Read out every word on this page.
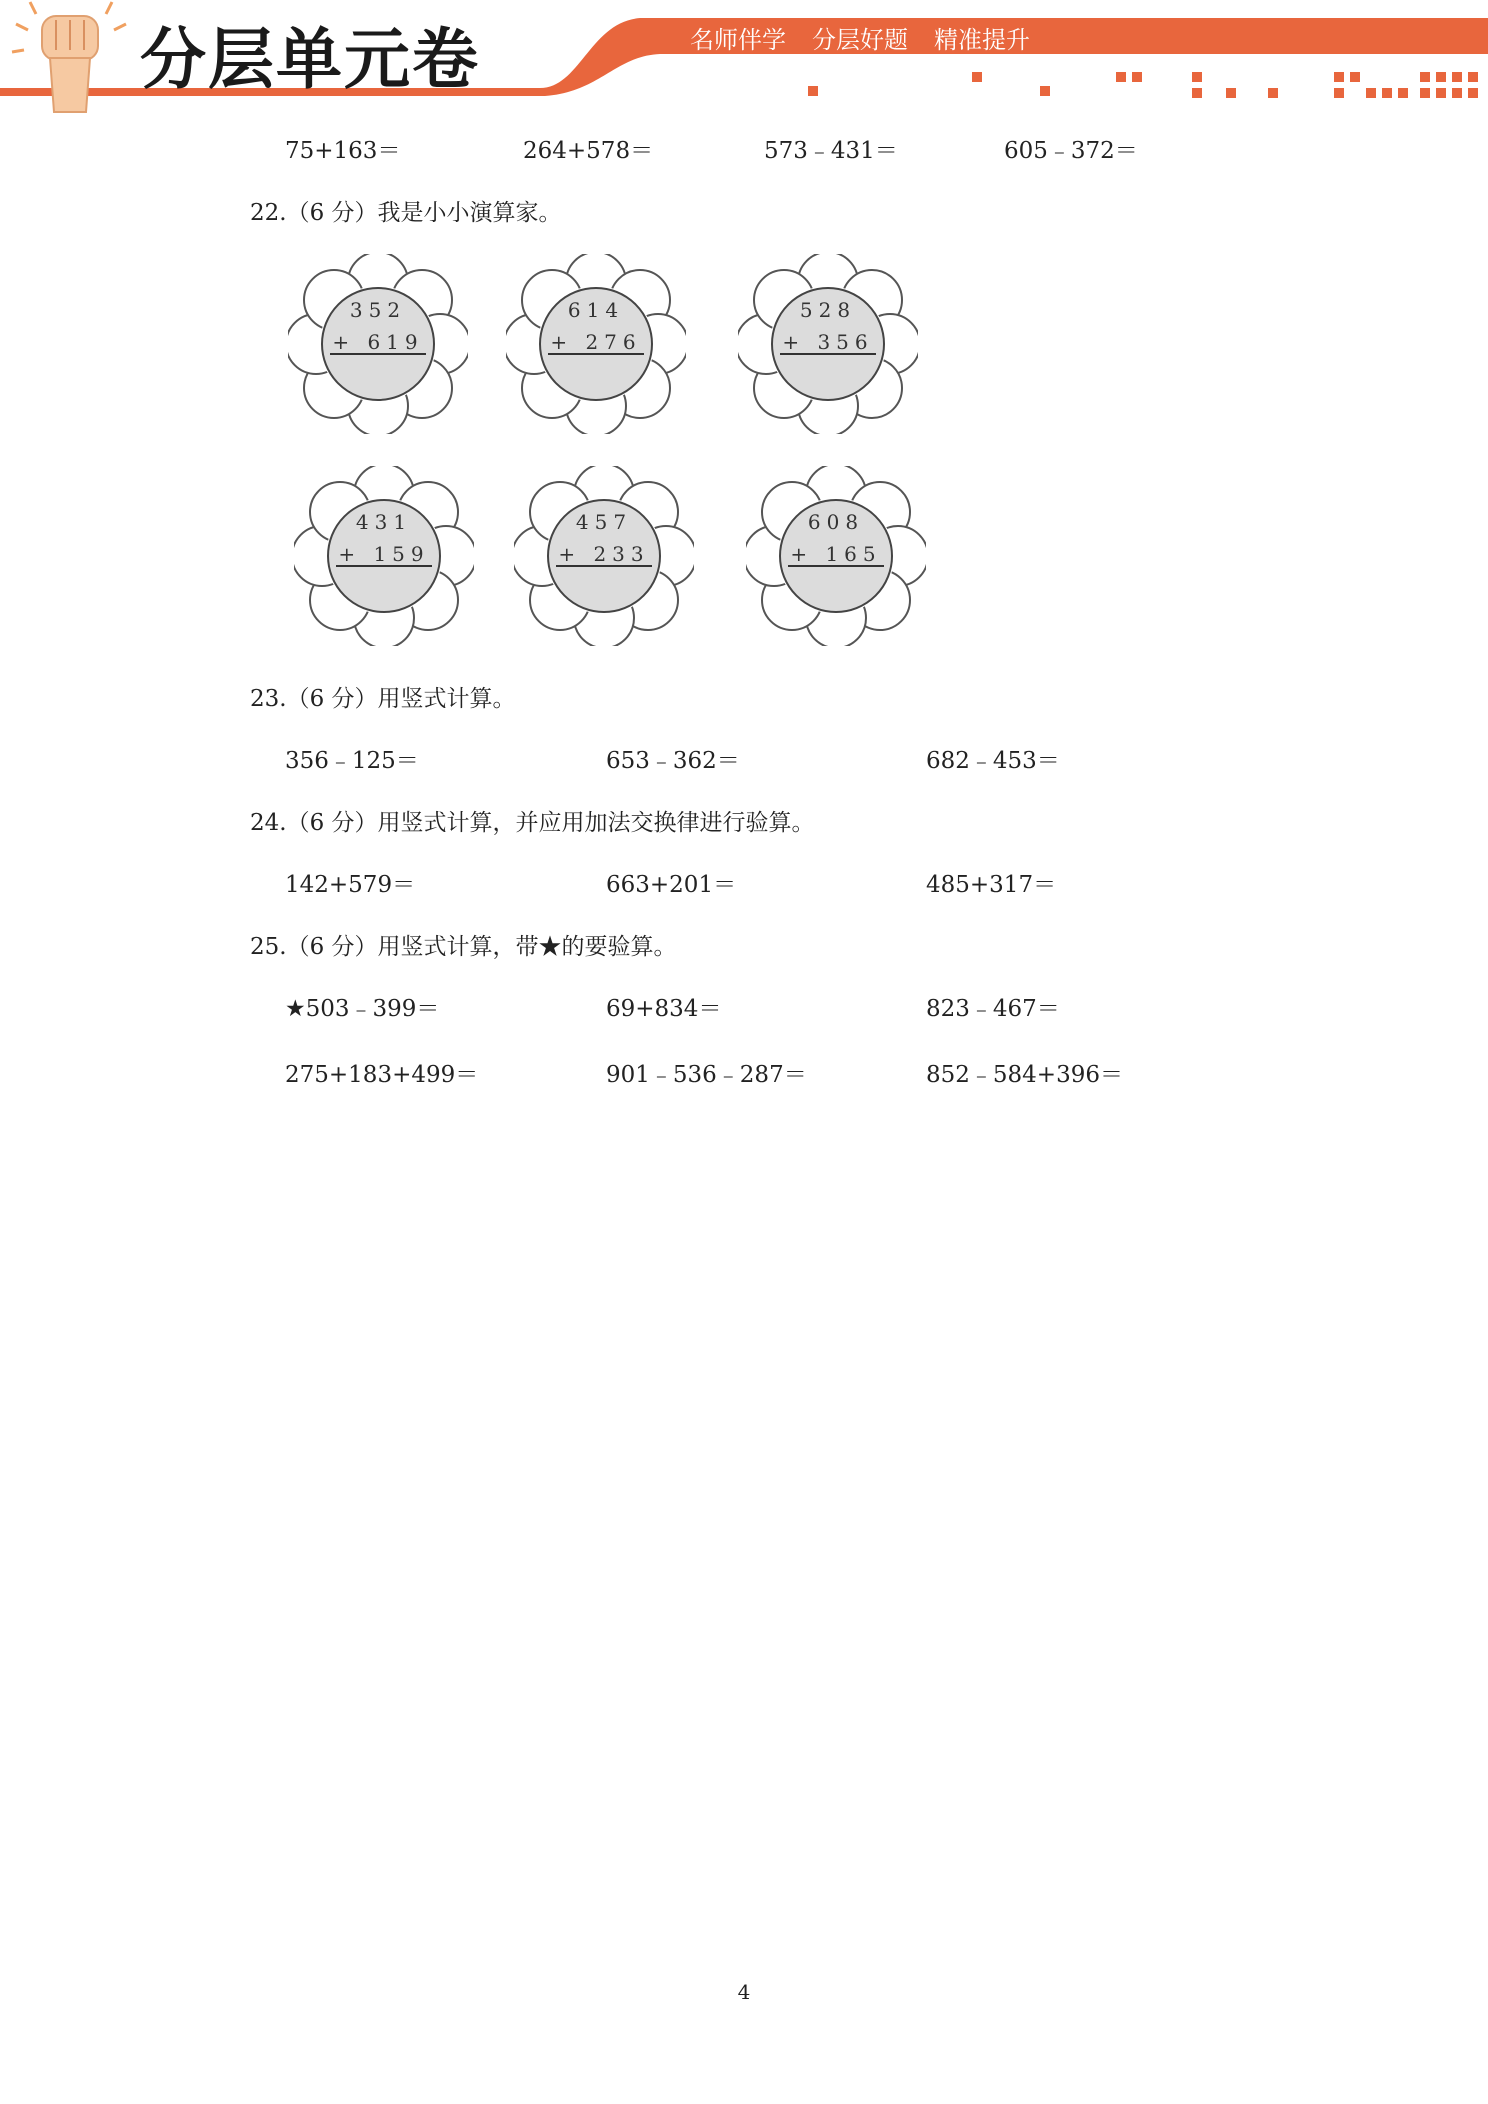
分层单元卷	名师伴学 分层好题 精准提升
75+163＝	264+578＝	573﹣431＝	605﹣372＝
22.（6 分）我是小小演算家。
352
+ 619
614
+ 276
528
+ 356
431
+ 159
457
+ 233
608
+ 165
23.（6 分）用竖式计算。
356﹣125＝	653﹣362＝	682﹣453＝
24.（6 分）用竖式计算，并应用加法交换律进行验算。
142+579＝	663+201＝	485+317＝
25.（6 分）用竖式计算，带★的要验算。
★503﹣399＝	69+834＝	823﹣467＝
275+183+499＝	901﹣536﹣287＝	852﹣584+396＝
4
